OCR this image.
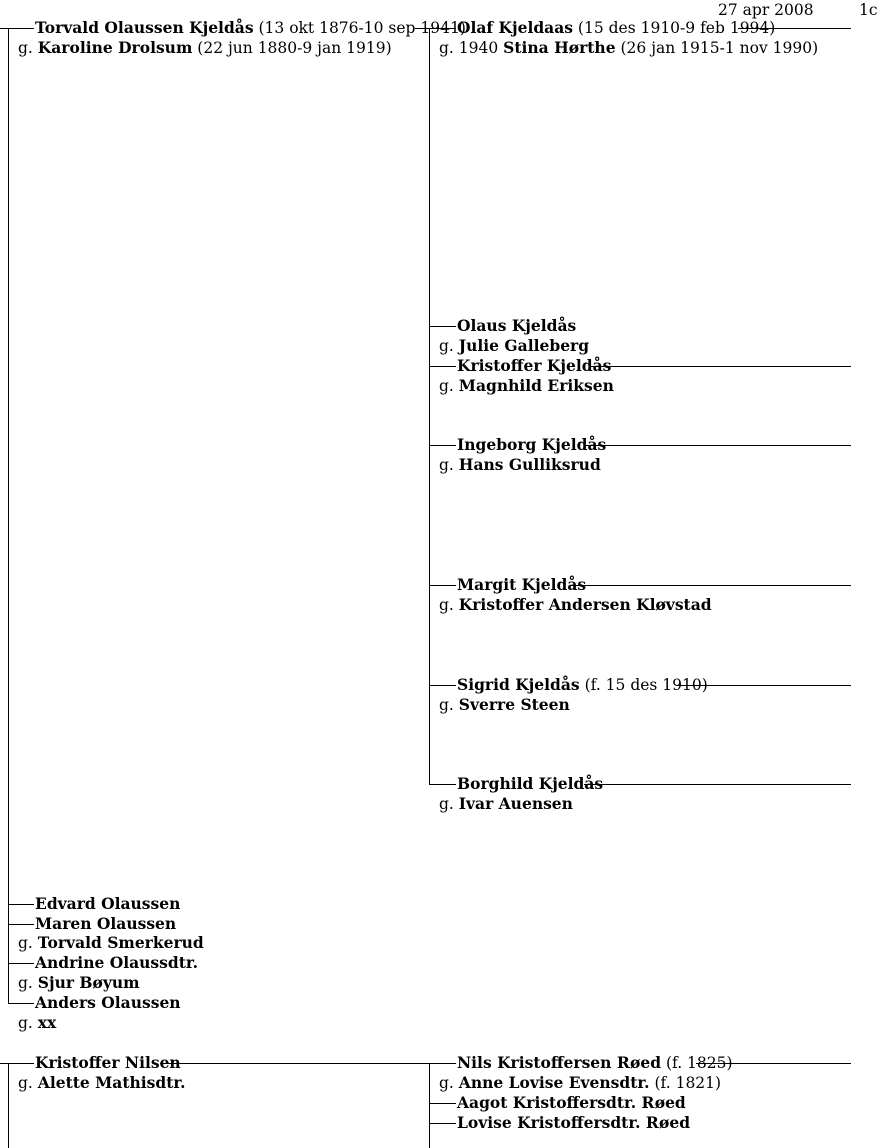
27 apr 2008	1c
Torvald Olaussen Kjeldås (13 okt 1876-10 sep 1941)
g. Karoline Drolsum (22 jun 1880-9 jan 1919)
Olaf Kjeldaas (15 des 1910-9 feb 1994)
g. 1940 Stina Hørthe (26 jan 1915-1 nov 1990)
Olaus Kjeldås
g. Julie Galleberg
Kristoffer Kjeldås
g. Magnhild Eriksen
Ingeborg Kjeldås
g. Hans Gulliksrud
Margit Kjeldås
g. Kristoffer Andersen Kløvstad
Sigrid Kjeldås (f. 15 des 1910)
g. Sverre Steen
Borghild Kjeldås
g. Ivar Auensen
Edvard Olaussen
Maren Olaussen
g. Torvald Smerkerud
Andrine Olaussdtr.
g. Sjur Bøyum
Anders Olaussen
g. xx
Kristoffer Nilsen
g. Alette Mathisdtr.
Nils Kristoffersen Røed (f. 1825)
g. Anne Lovise Evensdtr. (f. 1821)
Aagot Kristoffersdtr. Røed
Lovise Kristoffersdtr. Røed
